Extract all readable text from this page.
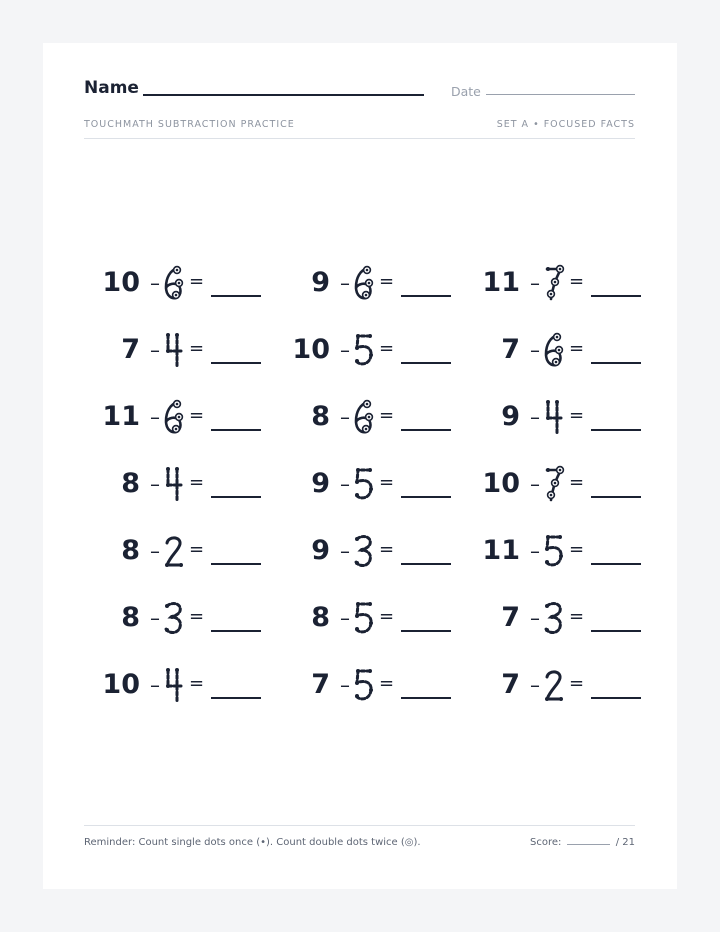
Name	Date
TOUCHMATH SUBTRACTION PRACTICE	SET A • FOCUSED FACTS
10 – =	9 – =	11 – =
7 – =	10 – =	7 – =
11 – =	8 – =	9 – =
8 – =	9 – =	10 – =
8 – =	9 – =	11 – =
8 – =	8 – =	7 – =
10 – =	7 – =	7 – =
Reminder: Count single dots once (•). Count double dots twice (◎).	Score:	/ 21
